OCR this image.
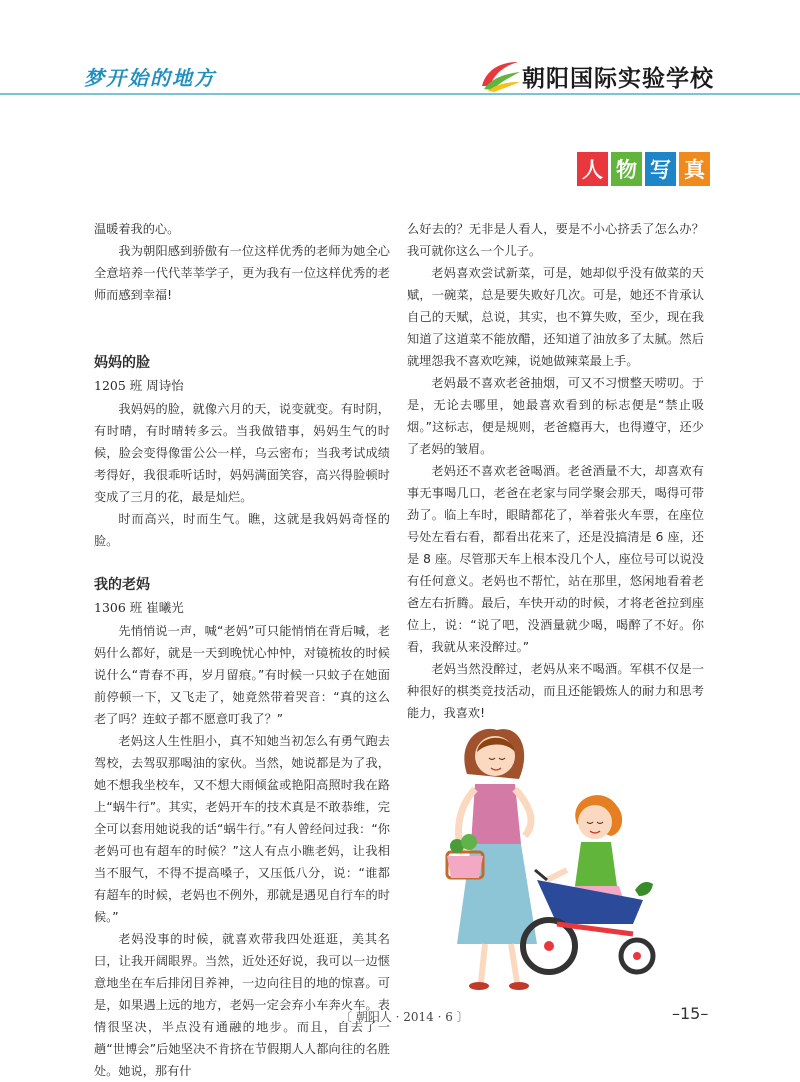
梦开始的地方	朝阳国际实验学校
人 物 写 真

温暖着我的心。

我为朝阳感到骄傲有一位这样优秀的老师为她全心全意培养一代代莘莘学子，更为我有一位这样优秀的老师而感到幸福!

妈妈的脸

1205 班 周诗怡

我妈妈的脸，就像六月的天，说变就变。有时阴，有时晴，有时晴转多云。当我做错事，妈妈生气的时候，脸会变得像雷公公一样，乌云密布；当我考试成绩考得好，我很乖听话时，妈妈满面笑容，高兴得脸顿时变成了三月的花，最是灿烂。

时而高兴，时而生气。瞧，这就是我妈妈奇怪的脸。

我的老妈

1306 班 崔曦光

先悄悄说一声，喊“老妈”可只能悄悄在背后喊，老妈什么都好，就是一天到晚忧心忡忡，对镜梳妆的时候说什么“青春不再，岁月留痕。”有时候一只蚊子在她面前停顿一下，又飞走了，她竟然带着哭音：“真的这么老了吗？连蚊子都不愿意叮我了？”

老妈这人生性胆小，真不知她当初怎么有勇气跑去驾校，去驾驭那喝油的家伙。当然，她说都是为了我，她不想我坐校车，又不想大雨倾盆或艳阳高照时我在路上“蜗牛行”。其实，老妈开车的技术真是不敢恭维，完全可以套用她说我的话“蜗牛行。”有人曾经问过我：“你老妈可也有超车的时候？”这人有点小瞧老妈，让我相当不服气，不得不提高嗓子，又压低八分，说：“谁都有超车的时候，老妈也不例外，那就是遇见自行车的时候。”

老妈没事的时候，就喜欢带我四处逛逛，美其名曰，让我开阔眼界。当然，近处还好说，我可以一边惬意地坐在车后排闭目养神，一边向往目的地的惊喜。可是，如果遇上远的地方，老妈一定会弃小车奔火车。表情很坚决，半点没有通融的地步。而且，自去了一趟“世博会”后她坚决不肯挤在节假期人人都向往的名胜处。她说，那有什

么好去的？无非是人看人，要是不小心挤丢了怎么办？我可就你这么一个儿子。

老妈喜欢尝试新菜，可是，她却似乎没有做菜的天赋，一碗菜，总是要失败好几次。可是，她还不肯承认自己的天赋，总说，其实，也不算失败，至少，现在我知道了这道菜不能放醋，还知道了油放多了太腻。然后就埋怨我不喜欢吃辣，说她做辣菜最上手。

老妈最不喜欢老爸抽烟，可又不习惯整天唠叨。于是，无论去哪里，她最喜欢看到的标志便是“禁止吸烟。”这标志，便是规则，老爸瘾再大，也得遵守，还少了老妈的皱眉。

老妈还不喜欢老爸喝酒。老爸酒量不大，却喜欢有事无事喝几口，老爸在老家与同学聚会那天，喝得可带劲了。临上车时，眼睛都花了，举着张火车票，在座位号处左看右看，都看出花来了，还是没搞清是 6 座，还是 8 座。尽管那天车上根本没几个人，座位号可以说没有任何意义。老妈也不帮忙，站在那里，悠闲地看着老爸左右折腾。最后，车快开动的时候，才将老爸拉到座位上，说：“说了吧，没酒量就少喝，喝醉了不好。你看，我就从来没醉过。”

老妈当然没醉过，老妈从来不喝酒。军棋不仅是一种很好的棋类竞技活动，而且还能锻炼人的耐力和思考能力，我喜欢!

〔 朝阳人 · 2014 · 6 〕	–15–
